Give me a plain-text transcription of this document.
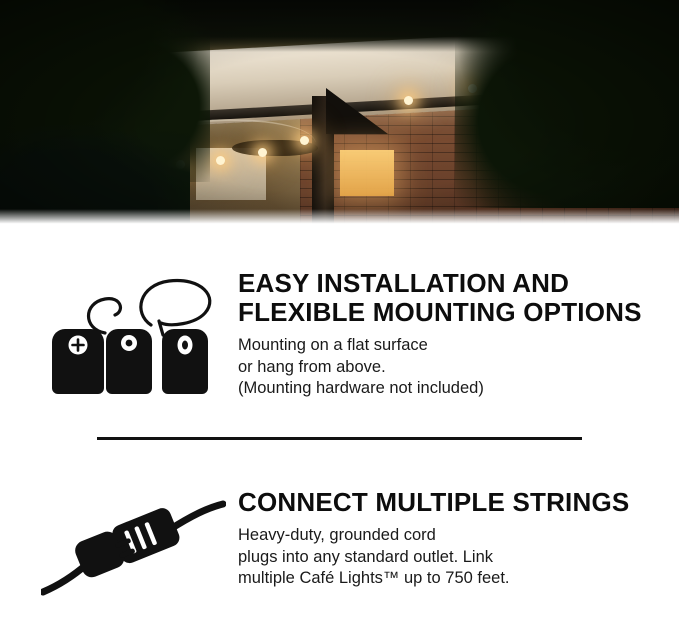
EASY INSTALLATION AND FLEXIBLE MOUNTING OPTIONS
Mounting on a flat surface
or hang from above.
(Mounting hardware not included)
CONNECT MULTIPLE STRINGS
Heavy-duty, grounded cord
plugs into any standard outlet. Link
multiple Café Lights™ up to 750 feet.
